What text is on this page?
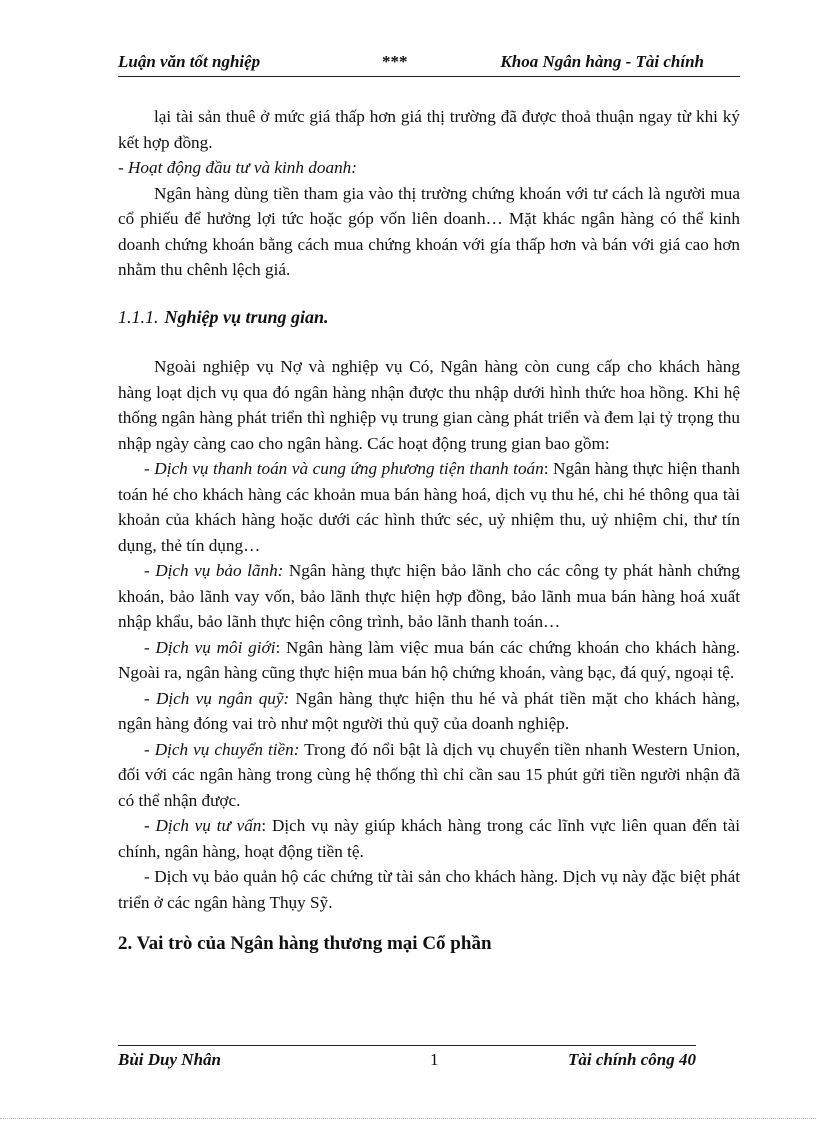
Luận văn tốt nghiệp	***	Khoa Ngân hàng - Tài chính

lại tài sản thuê ở mức giá thấp hơn giá thị trường đã được thoả thuận ngay từ khi ký kết hợp đồng.

- Hoạt động đầu tư và kinh doanh:

Ngân hàng dùng tiền tham gia vào thị trường chứng khoán với tư cách là người mua cổ phiếu để hưởng lợi tức hoặc góp vốn liên doanh… Mặt khác ngân hàng có thể kinh doanh chứng khoán bằng cách mua chứng khoán với gía thấp hơn và bán với giá cao hơn nhằm thu chênh lệch giá.

1.1.1. Nghiệp vụ trung gian.

Ngoài nghiệp vụ Nợ và nghiệp vụ Có, Ngân hàng còn cung cấp cho khách hàng hàng loạt dịch vụ qua đó ngân hàng nhận được thu nhập dưới hình thức hoa hồng. Khi hệ thống ngân hàng phát triển thì nghiệp vụ trung gian càng phát triển và đem lại tỷ trọng thu nhập ngày càng cao cho ngân hàng. Các hoạt động trung gian bao gồm:

- Dịch vụ thanh toán và cung ứng phương tiện thanh toán: Ngân hàng thực hiện thanh toán hé cho khách hàng các khoản mua bán hàng hoá, dịch vụ thu hé, chi hé thông qua tài khoản của khách hàng hoặc dưới các hình thức séc, uỷ nhiệm thu, uỷ nhiệm chi, thư tín dụng, thẻ tín dụng…

- Dịch vụ bảo lãnh: Ngân hàng thực hiện bảo lãnh cho các công ty phát hành chứng khoán, bảo lãnh vay vốn, bảo lãnh thực hiện hợp đồng, bảo lãnh mua bán hàng hoá xuất nhập khẩu, bảo lãnh thực hiện công trình, bảo lãnh thanh toán…

- Dịch vụ môi giới: Ngân hàng làm việc mua bán các chứng khoán cho khách hàng. Ngoài ra, ngân hàng cũng thực hiện mua bán hộ chứng khoán, vàng bạc, đá quý, ngoại tệ.

- Dịch vụ ngân quỹ: Ngân hàng thực hiện thu hé và phát tiền mặt cho khách hàng, ngân hàng đóng vai trò như một người thủ quỹ của doanh nghiệp.

- Dịch vụ chuyển tiền: Trong đó nổi bật là dịch vụ chuyển tiền nhanh Western Union, đối với các ngân hàng trong cùng hệ thống thì chỉ cần sau 15 phút gửi tiền người nhận đã có thể nhận được.

- Dịch vụ tư vấn: Dịch vụ này giúp khách hàng trong các lĩnh vực liên quan đến tài chính, ngân hàng, hoạt động tiền tệ.

- Dịch vụ bảo quản hộ các chứng từ tài sản cho khách hàng. Dịch vụ này đặc biệt phát triển ở các ngân hàng Thụy Sỹ.

2. Vai trò của Ngân hàng thương mại Cổ phần

Bùi Duy Nhân	1	Tài chính công 40
